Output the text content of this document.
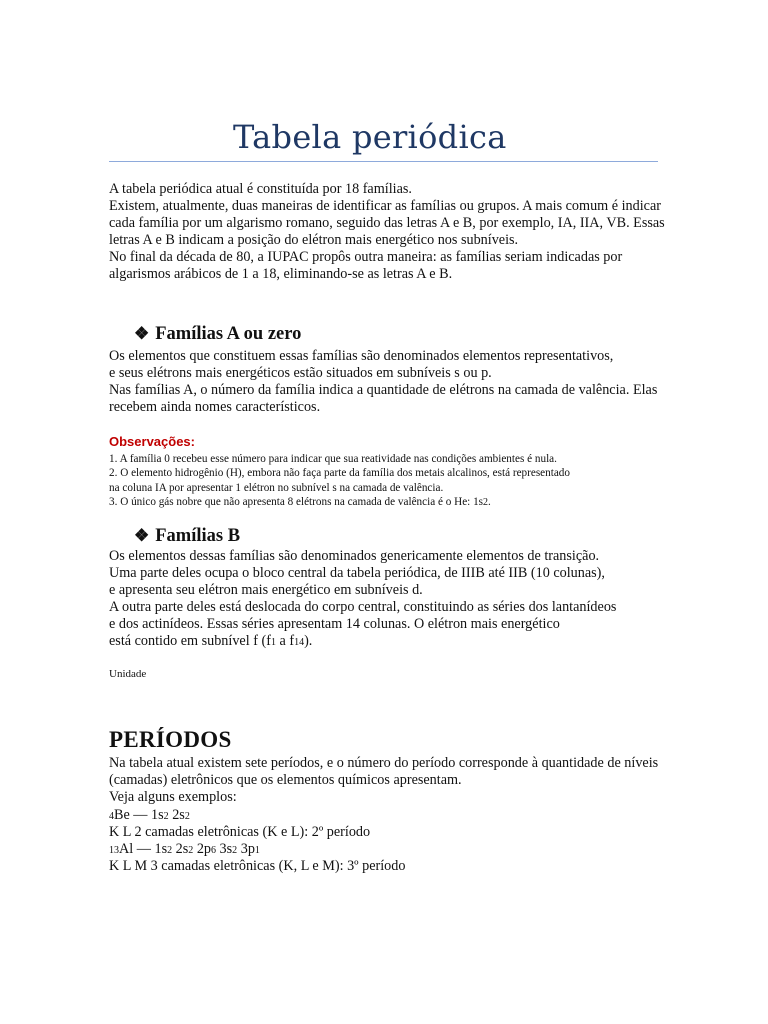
Tabela periódica

A tabela periódica atual é constituída por 18 famílias.

Existem, atualmente, duas maneiras de identificar as famílias ou grupos. A mais comum é indicar cada família por um algarismo romano, seguido das letras A e B, por exemplo, IA, IIA, VB. Essas letras A e B indicam a posição do elétron mais energético nos subníveis.

No final da década de 80, a IUPAC propôs outra maneira: as famílias seriam indicadas por algarismos arábicos de 1 a 18, eliminando-se as letras A e B.

❖ Famílias A ou zero

Os elementos que constituem essas famílias são denominados elementos representativos,

e seus elétrons mais energéticos estão situados em subníveis s ou p.

Nas famílias A, o número da família indica a quantidade de elétrons na camada de valência. Elas recebem ainda nomes característicos.

Observações:

1. A família 0 recebeu esse número para indicar que sua reatividade nas condições ambientes é nula.

2. O elemento hidrogênio (H), embora não faça parte da família dos metais alcalinos, está representado

na coluna IA por apresentar 1 elétron no subnível s na camada de valência.

3. O único gás nobre que não apresenta 8 elétrons na camada de valência é o He: 1s2.

❖ Famílias B

Os elementos dessas famílias são denominados genericamente elementos de transição.

Uma parte deles ocupa o bloco central da tabela periódica, de IIIB até IIB (10 colunas),

e apresenta seu elétron mais energético em subníveis d.

A outra parte deles está deslocada do corpo central, constituindo as séries dos lantanídeos

e dos actinídeos. Essas séries apresentam 14 colunas. O elétron mais energético

está contido em subnível f (f1 a f14).

Unidade
PERÍODOS

Na tabela atual existem sete períodos, e o número do período corresponde à quantidade de níveis (camadas) eletrônicos que os elementos químicos apresentam.

Veja alguns exemplos:

4Be — 1s2 2s2
K L 2 camadas eletrônicas (K e L): 2º período
13Al — 1s2 2s2 2p6 3s2 3p1
K L M 3 camadas eletrônicas (K, L e M): 3º período
